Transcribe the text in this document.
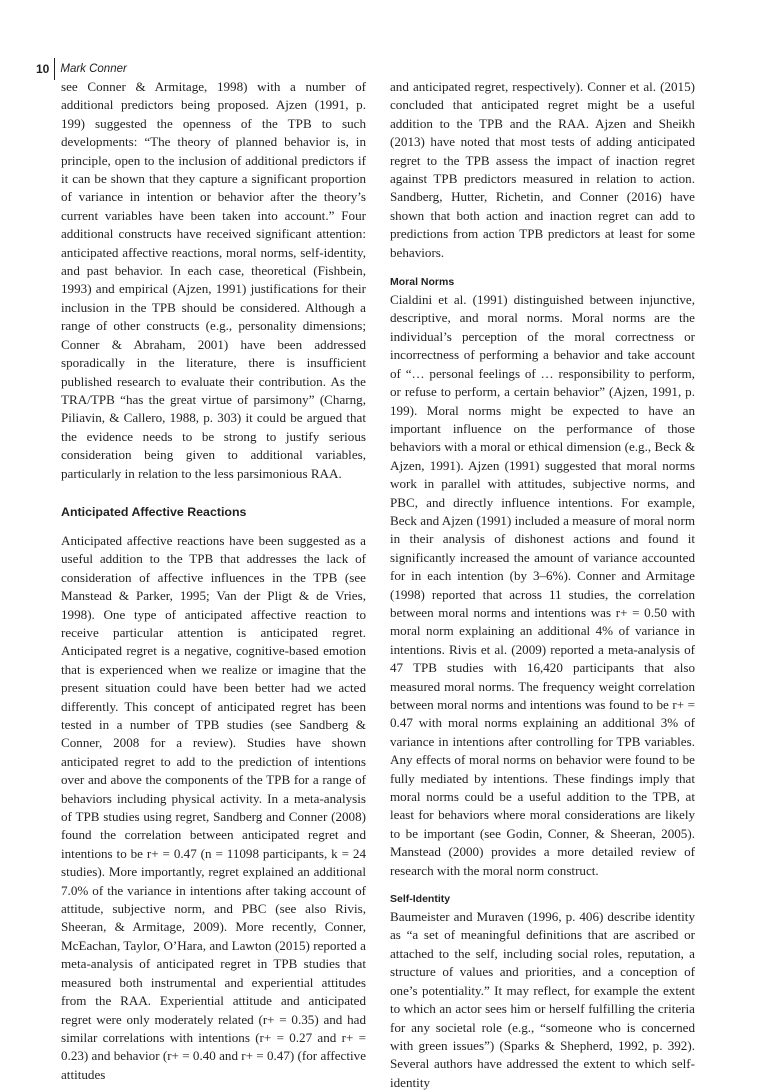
10 Mark Conner

see Conner & Armitage, 1998) with a number of additional predictors being proposed. Ajzen (1991, p. 199) suggested the openness of the TPB to such developments: “The theory of planned behavior is, in principle, open to the inclusion of additional predictors if it can be shown that they capture a significant proportion of variance in intention or behavior after the theory’s current variables have been taken into account.” Four additional constructs have received significant attention: anticipated affective reactions, moral norms, self-identity, and past behavior. In each case, theoretical (Fishbein, 1993) and empirical (Ajzen, 1991) justifications for their inclusion in the TPB should be considered. Although a range of other constructs (e.g., personality dimensions; Conner & Abraham, 2001) have been addressed sporadically in the literature, there is insufficient published research to evaluate their contribution. As the TRA/TPB “has the great virtue of parsimony” (Charng, Piliavin, & Callero, 1988, p. 303) it could be argued that the evidence needs to be strong to justify serious consideration being given to additional variables, particularly in relation to the less parsimonious RAA.

Anticipated Affective Reactions

Anticipated affective reactions have been suggested as a useful addition to the TPB that addresses the lack of consideration of affective influences in the TPB (see Manstead & Parker, 1995; Van der Pligt & de Vries, 1998). One type of anticipated affective reaction to receive particular attention is anticipated regret. Anticipated regret is a negative, cognitive-based emotion that is experienced when we realize or imagine that the present situation could have been better had we acted differently. This concept of anticipated regret has been tested in a number of TPB studies (see Sandberg & Conner, 2008 for a review). Studies have shown anticipated regret to add to the prediction of intentions over and above the components of the TPB for a range of behaviors including physical activity. In a meta-analysis of TPB studies using regret, Sandberg and Conner (2008) found the correlation between anticipated regret and intentions to be r+ = 0.47 (n = 11098 participants, k = 24 studies). More importantly, regret explained an additional 7.0% of the variance in intentions after taking account of attitude, subjective norm, and PBC (see also Rivis, Sheeran, & Armitage, 2009). More recently, Conner, McEachan, Taylor, O’Hara, and Lawton (2015) reported a meta-analysis of anticipated regret in TPB studies that measured both instrumental and experiential attitudes from the RAA. Experiential attitude and anticipated regret were only moderately related (r+ = 0.35) and had similar correlations with intentions (r+ = 0.27 and r+ = 0.23) and behavior (r+ = 0.40 and r+ = 0.47) (for affective attitudes

and anticipated regret, respectively). Conner et al. (2015) concluded that anticipated regret might be a useful addition to the TPB and the RAA. Ajzen and Sheikh (2013) have noted that most tests of adding anticipated regret to the TPB assess the impact of inaction regret against TPB predictors measured in relation to action. Sandberg, Hutter, Richetin, and Conner (2016) have shown that both action and inaction regret can add to predictions from action TPB predictors at least for some behaviors.

Moral Norms

Cialdini et al. (1991) distinguished between injunctive, descriptive, and moral norms. Moral norms are the individual’s perception of the moral correctness or incorrectness of performing a behavior and take account of “… personal feelings of … responsibility to perform, or refuse to perform, a certain behavior” (Ajzen, 1991, p. 199). Moral norms might be expected to have an important influence on the performance of those behaviors with a moral or ethical dimension (e.g., Beck & Ajzen, 1991). Ajzen (1991) suggested that moral norms work in parallel with attitudes, subjective norms, and PBC, and directly influence intentions. For example, Beck and Ajzen (1991) included a measure of moral norm in their analysis of dishonest actions and found it significantly increased the amount of variance accounted for in each intention (by 3–6%). Conner and Armitage (1998) reported that across 11 studies, the correlation between moral norms and intentions was r+ = 0.50 with moral norm explaining an additional 4% of variance in intentions. Rivis et al. (2009) reported a meta-analysis of 47 TPB studies with 16,420 participants that also measured moral norms. The frequency weight correlation between moral norms and intentions was found to be r+ = 0.47 with moral norms explaining an additional 3% of variance in intentions after controlling for TPB variables. Any effects of moral norms on behavior were found to be fully mediated by intentions. These findings imply that moral norms could be a useful addition to the TPB, at least for behaviors where moral considerations are likely to be important (see Godin, Conner, & Sheeran, 2005). Manstead (2000) provides a more detailed review of research with the moral norm construct.

Self-Identity

Baumeister and Muraven (1996, p. 406) describe identity as “a set of meaningful definitions that are ascribed or attached to the self, including social roles, reputation, a structure of values and priorities, and a conception of one’s potentiality.” It may reflect, for example the extent to which an actor sees him or herself fulfilling the criteria for any societal role (e.g., “someone who is concerned with green issues”) (Sparks & Shepherd, 1992, p. 392). Several authors have addressed the extent to which self-identity
